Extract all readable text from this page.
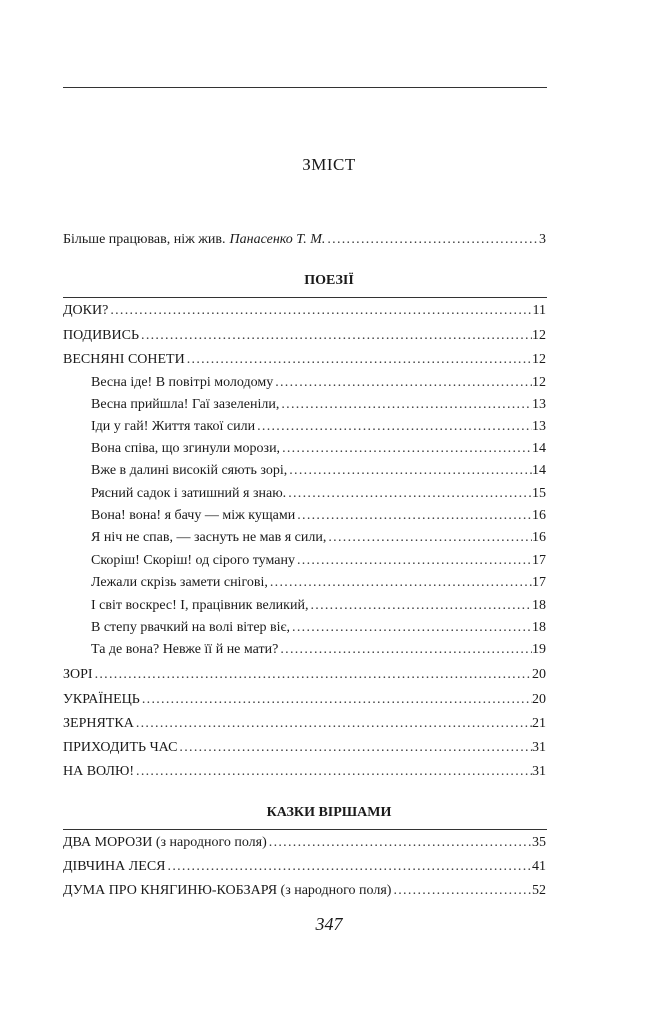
ЗМІСТ
Більше працював, ніж жив. Панасенко Т. М. . . .	3
ПОЕЗІЇ
ДОКИ? . . .	11
ПОДИВИСЬ . . .	12
ВЕСНЯНІ СОНЕТИ . . .	12
Весна іде! В повітрі молодому . . .	12
Весна прийшла! Гаї зазеленіли, . . .	13
Іди у гай! Життя такої сили . . .	13
Вона співа, що згинули морози, . . .	14
Вже в далині високій сяють зорі, . . .	14
Рясний садок і затишний я знаю. . . .	15
Вона! вона! я бачу — між кущами . . .	16
Я ніч не спав, — заснуть не мав я сили, . . .	16
Скоріш! Скоріш! од сірого туману . . .	17
Лежали скрізь замети снігові, . . .	17
І світ воскрес! І, працівник великий, . . .	18
В степу рвачкий на волі вітер віє, . . .	18
Та де вона? Невже її й не мати? . . .	19
ЗОРІ . . .	20
УКРАЇНЕЦЬ . . .	20
ЗЕРНЯТКА . . .	21
ПРИХОДИТЬ ЧАС . . .	31
НА ВОЛЮ! . . .	31
КАЗКИ ВІРШАМИ
ДВА МОРОЗИ (з народного поля) . . .	35
ДІВЧИНА ЛЕСЯ . . .	41
ДУМА ПРО КНЯГИНЮ-КОБЗАРЯ (з народного поля) . . .	52
347
